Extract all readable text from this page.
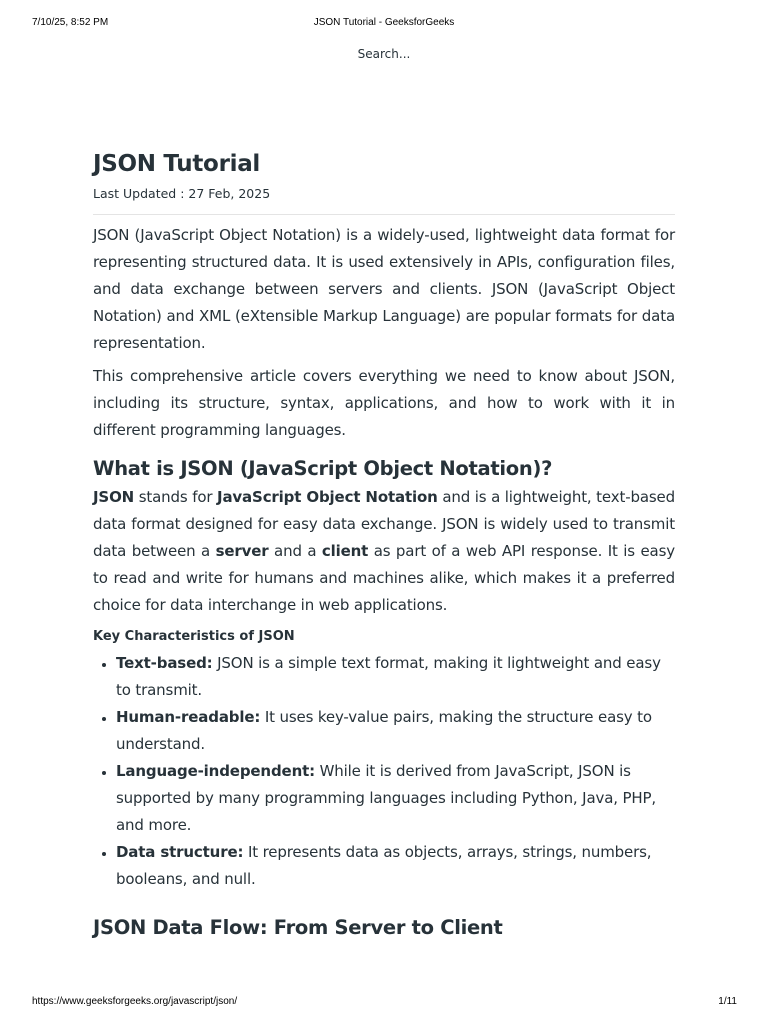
7/10/25, 8:52 PM	JSON Tutorial - GeeksforGeeks
Search...
JSON Tutorial
Last Updated : 27 Feb, 2025

JSON (JavaScript Object Notation) is a widely-used, lightweight data format for representing structured data. It is used extensively in APIs, configuration files, and data exchange between servers and clients. JSON (JavaScript Object Notation) and XML (eXtensible Markup Language) are popular formats for data representation.

This comprehensive article covers everything we need to know about JSON, including its structure, syntax, applications, and how to work with it in different programming languages.

What is JSON (JavaScript Object Notation)?

JSON stands for JavaScript Object Notation and is a lightweight, text-based data format designed for easy data exchange. JSON is widely used to transmit data between a server and a client as part of a web API response. It is easy to read and write for humans and machines alike, which makes it a preferred choice for data interchange in web applications.

Key Characteristics of JSON
• Text-based: JSON is a simple text format, making it lightweight and easy to transmit.
• Human-readable: It uses key-value pairs, making the structure easy to understand.
• Language-independent: While it is derived from JavaScript, JSON is supported by many programming languages including Python, Java, PHP, and more.
• Data structure: It represents data as objects, arrays, strings, numbers, booleans, and null.
JSON Data Flow: From Server to Client
https://www.geeksforgeeks.org/javascript/json/	1/11
